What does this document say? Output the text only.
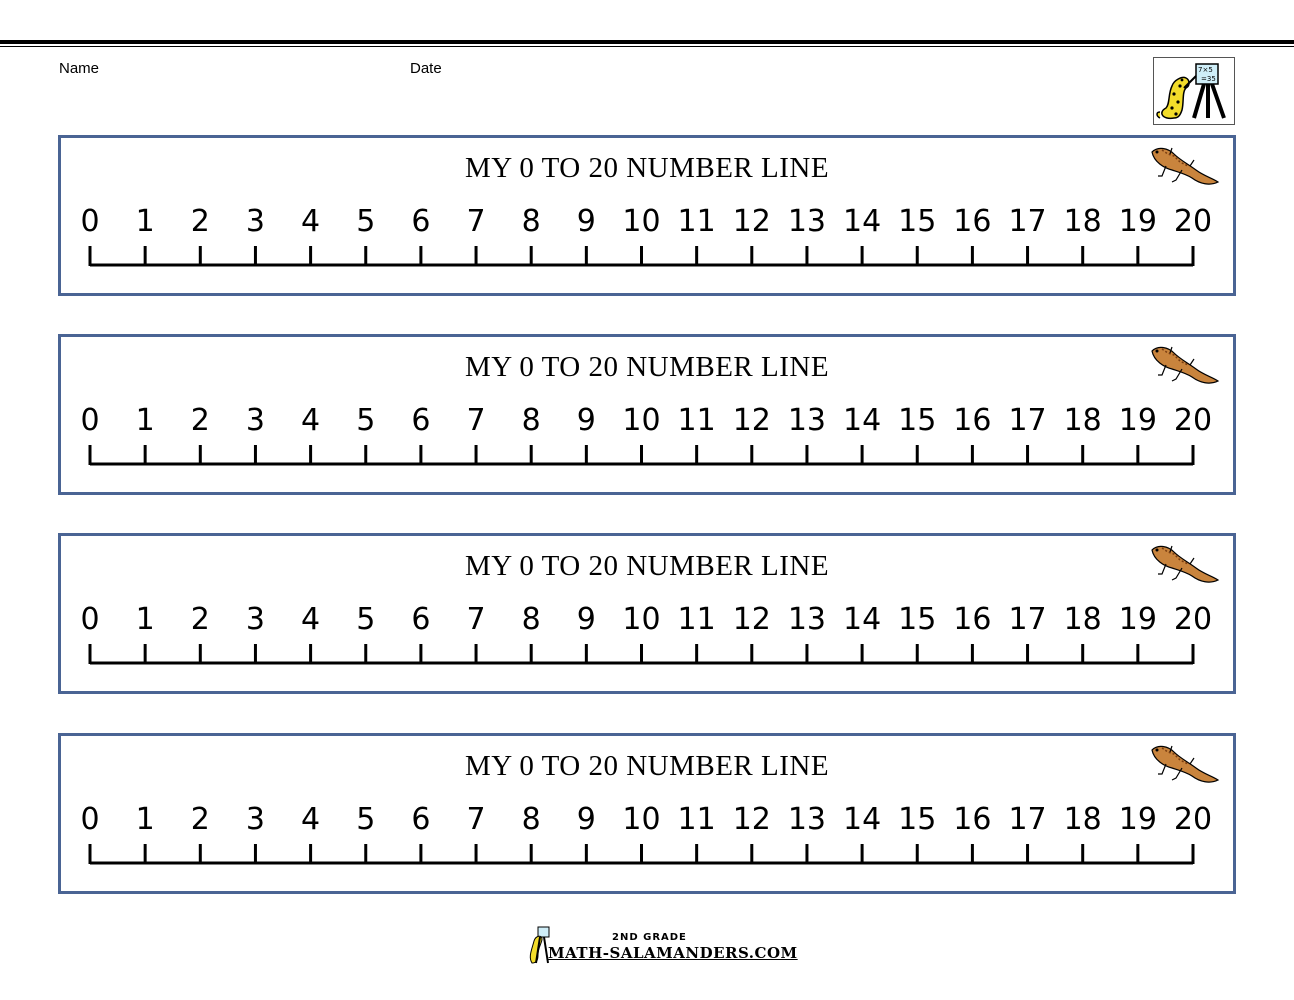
Name	Date	7×5
=35
MY 0 TO 20 NUMBER LINE
0 1 2 3 4 5 6 7 8 9 10 11 12 13 14 15 16 17 18 19 20
MY 0 TO 20 NUMBER LINE
0 1 2 3 4 5 6 7 8 9 10 11 12 13 14 15 16 17 18 19 20
MY 0 TO 20 NUMBER LINE
0 1 2 3 4 5 6 7 8 9 10 11 12 13 14 15 16 17 18 19 20
MY 0 TO 20 NUMBER LINE
0 1 2 3 4 5 6 7 8 9 10 11 12 13 14 15 16 17 18 19 20
2ND GRADE
MATH-SALAMANDERS.COM
